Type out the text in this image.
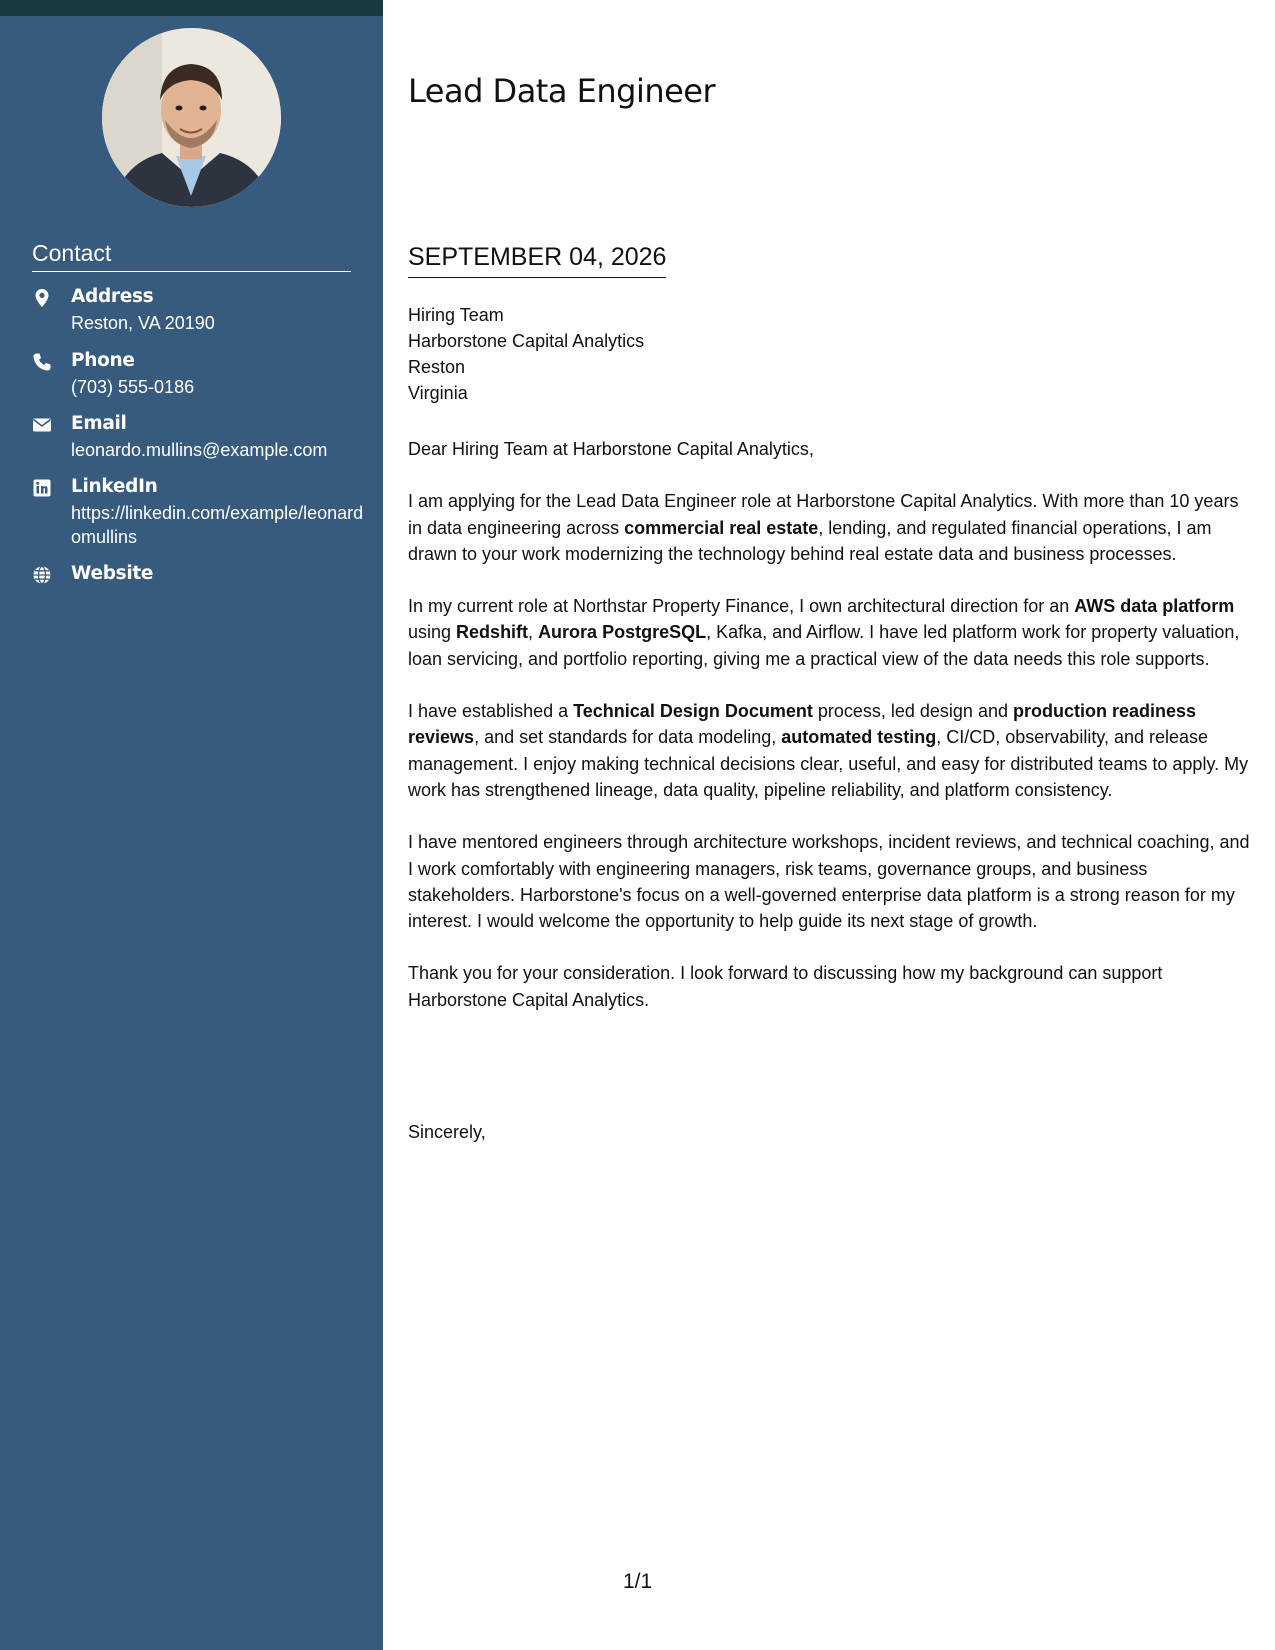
Contact
Address
Reston, VA 20190
Phone
(703) 555-0186
Email
leonardo.mullins@example.com
LinkedIn
https://linkedin.com/example/leonardomullins
Website
Lead Data Engineer
SEPTEMBER 04, 2026
Hiring Team
Harborstone Capital Analytics
Reston
Virginia

Dear Hiring Team at Harborstone Capital Analytics,

I am applying for the Lead Data Engineer role at Harborstone Capital Analytics. With more than 10 years in data engineering across commercial real estate, lending, and regulated financial operations, I am drawn to your work modernizing the technology behind real estate data and business processes.

In my current role at Northstar Property Finance, I own architectural direction for an AWS data platform using Redshift, Aurora PostgreSQL, Kafka, and Airflow. I have led platform work for property valuation, loan servicing, and portfolio reporting, giving me a practical view of the data needs this role supports.

I have established a Technical Design Document process, led design and production readiness reviews, and set standards for data modeling, automated testing, CI/CD, observability, and release management. I enjoy making technical decisions clear, useful, and easy for distributed teams to apply. My work has strengthened lineage, data quality, pipeline reliability, and platform consistency.

I have mentored engineers through architecture workshops, incident reviews, and technical coaching, and I work comfortably with engineering managers, risk teams, governance groups, and business stakeholders. Harborstone's focus on a well-governed enterprise data platform is a strong reason for my interest. I would welcome the opportunity to help guide its next stage of growth.

Thank you for your consideration. I look forward to discussing how my background can support Harborstone Capital Analytics.

Sincerely,
1/1
